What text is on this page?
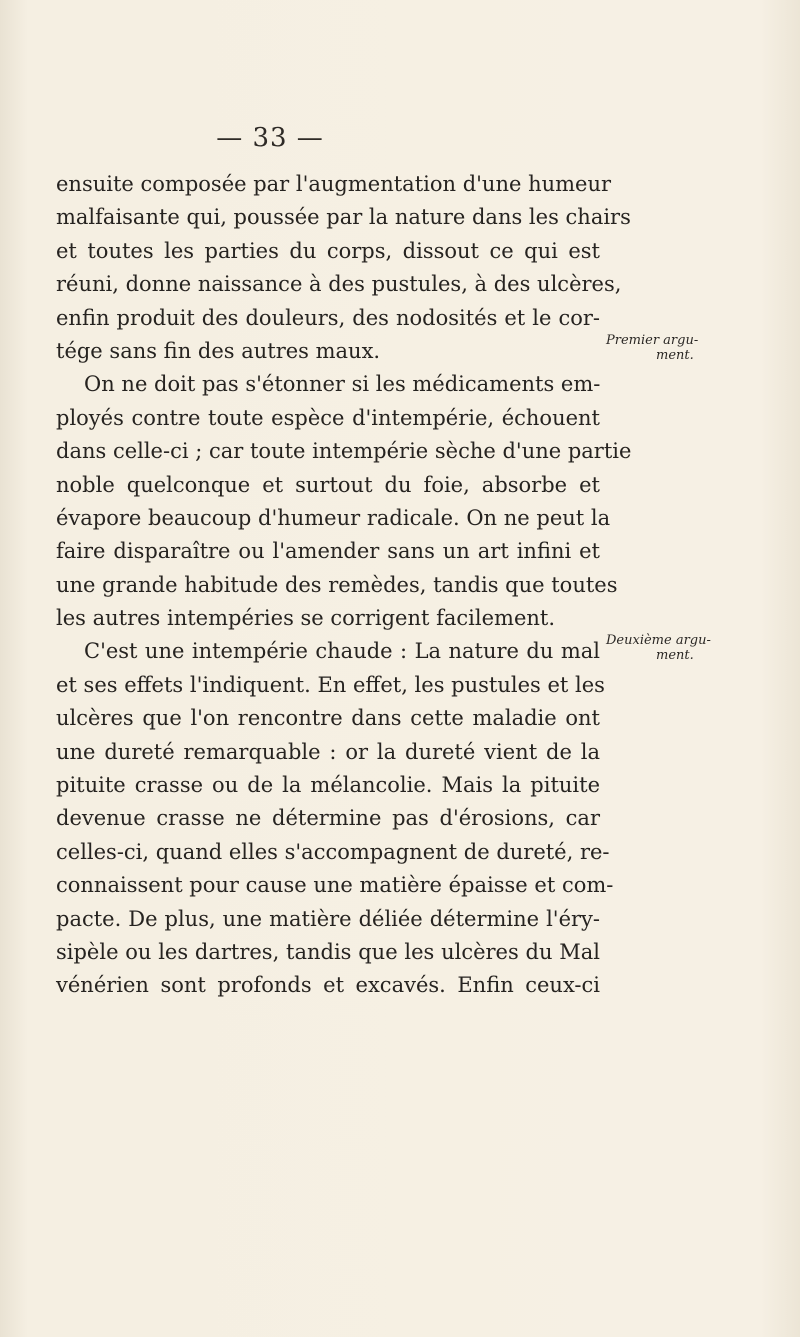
— 33 —
ensuite composée par l'augmentation d'une humeur
malfaisante qui, poussée par la nature dans les chairs
et toutes les parties du corps, dissout ce qui est
réuni, donne naissance à des pustules, à des ulcères,
enfin produit des douleurs, des nodosités et le cor-
tége sans fin des autres maux.
On ne doit pas s'étonner si les médicaments em-
ployés contre toute espèce d'intempérie, échouent
dans celle-ci ; car toute intempérie sèche d'une partie
noble quelconque et surtout du foie, absorbe et
évapore beaucoup d'humeur radicale. On ne peut la
faire disparaître ou l'amender sans un art infini et
une grande habitude des remèdes, tandis que toutes
les autres intempéries se corrigent facilement.
C'est une intempérie chaude : La nature du mal
et ses effets l'indiquent. En effet, les pustules et les
ulcères que l'on rencontre dans cette maladie ont
une dureté remarquable : or la dureté vient de la
pituite crasse ou de la mélancolie. Mais la pituite
devenue crasse ne détermine pas d'érosions, car
celles-ci, quand elles s'accompagnent de dureté, re-
connaissent pour cause une matière épaisse et com-
pacte. De plus, une matière déliée détermine l'éry-
sipèle ou les dartres, tandis que les ulcères du Mal
vénérien sont profonds et excavés. Enfin ceux-ci
Premier argu-
ment.
Deuxième argu-
ment.
